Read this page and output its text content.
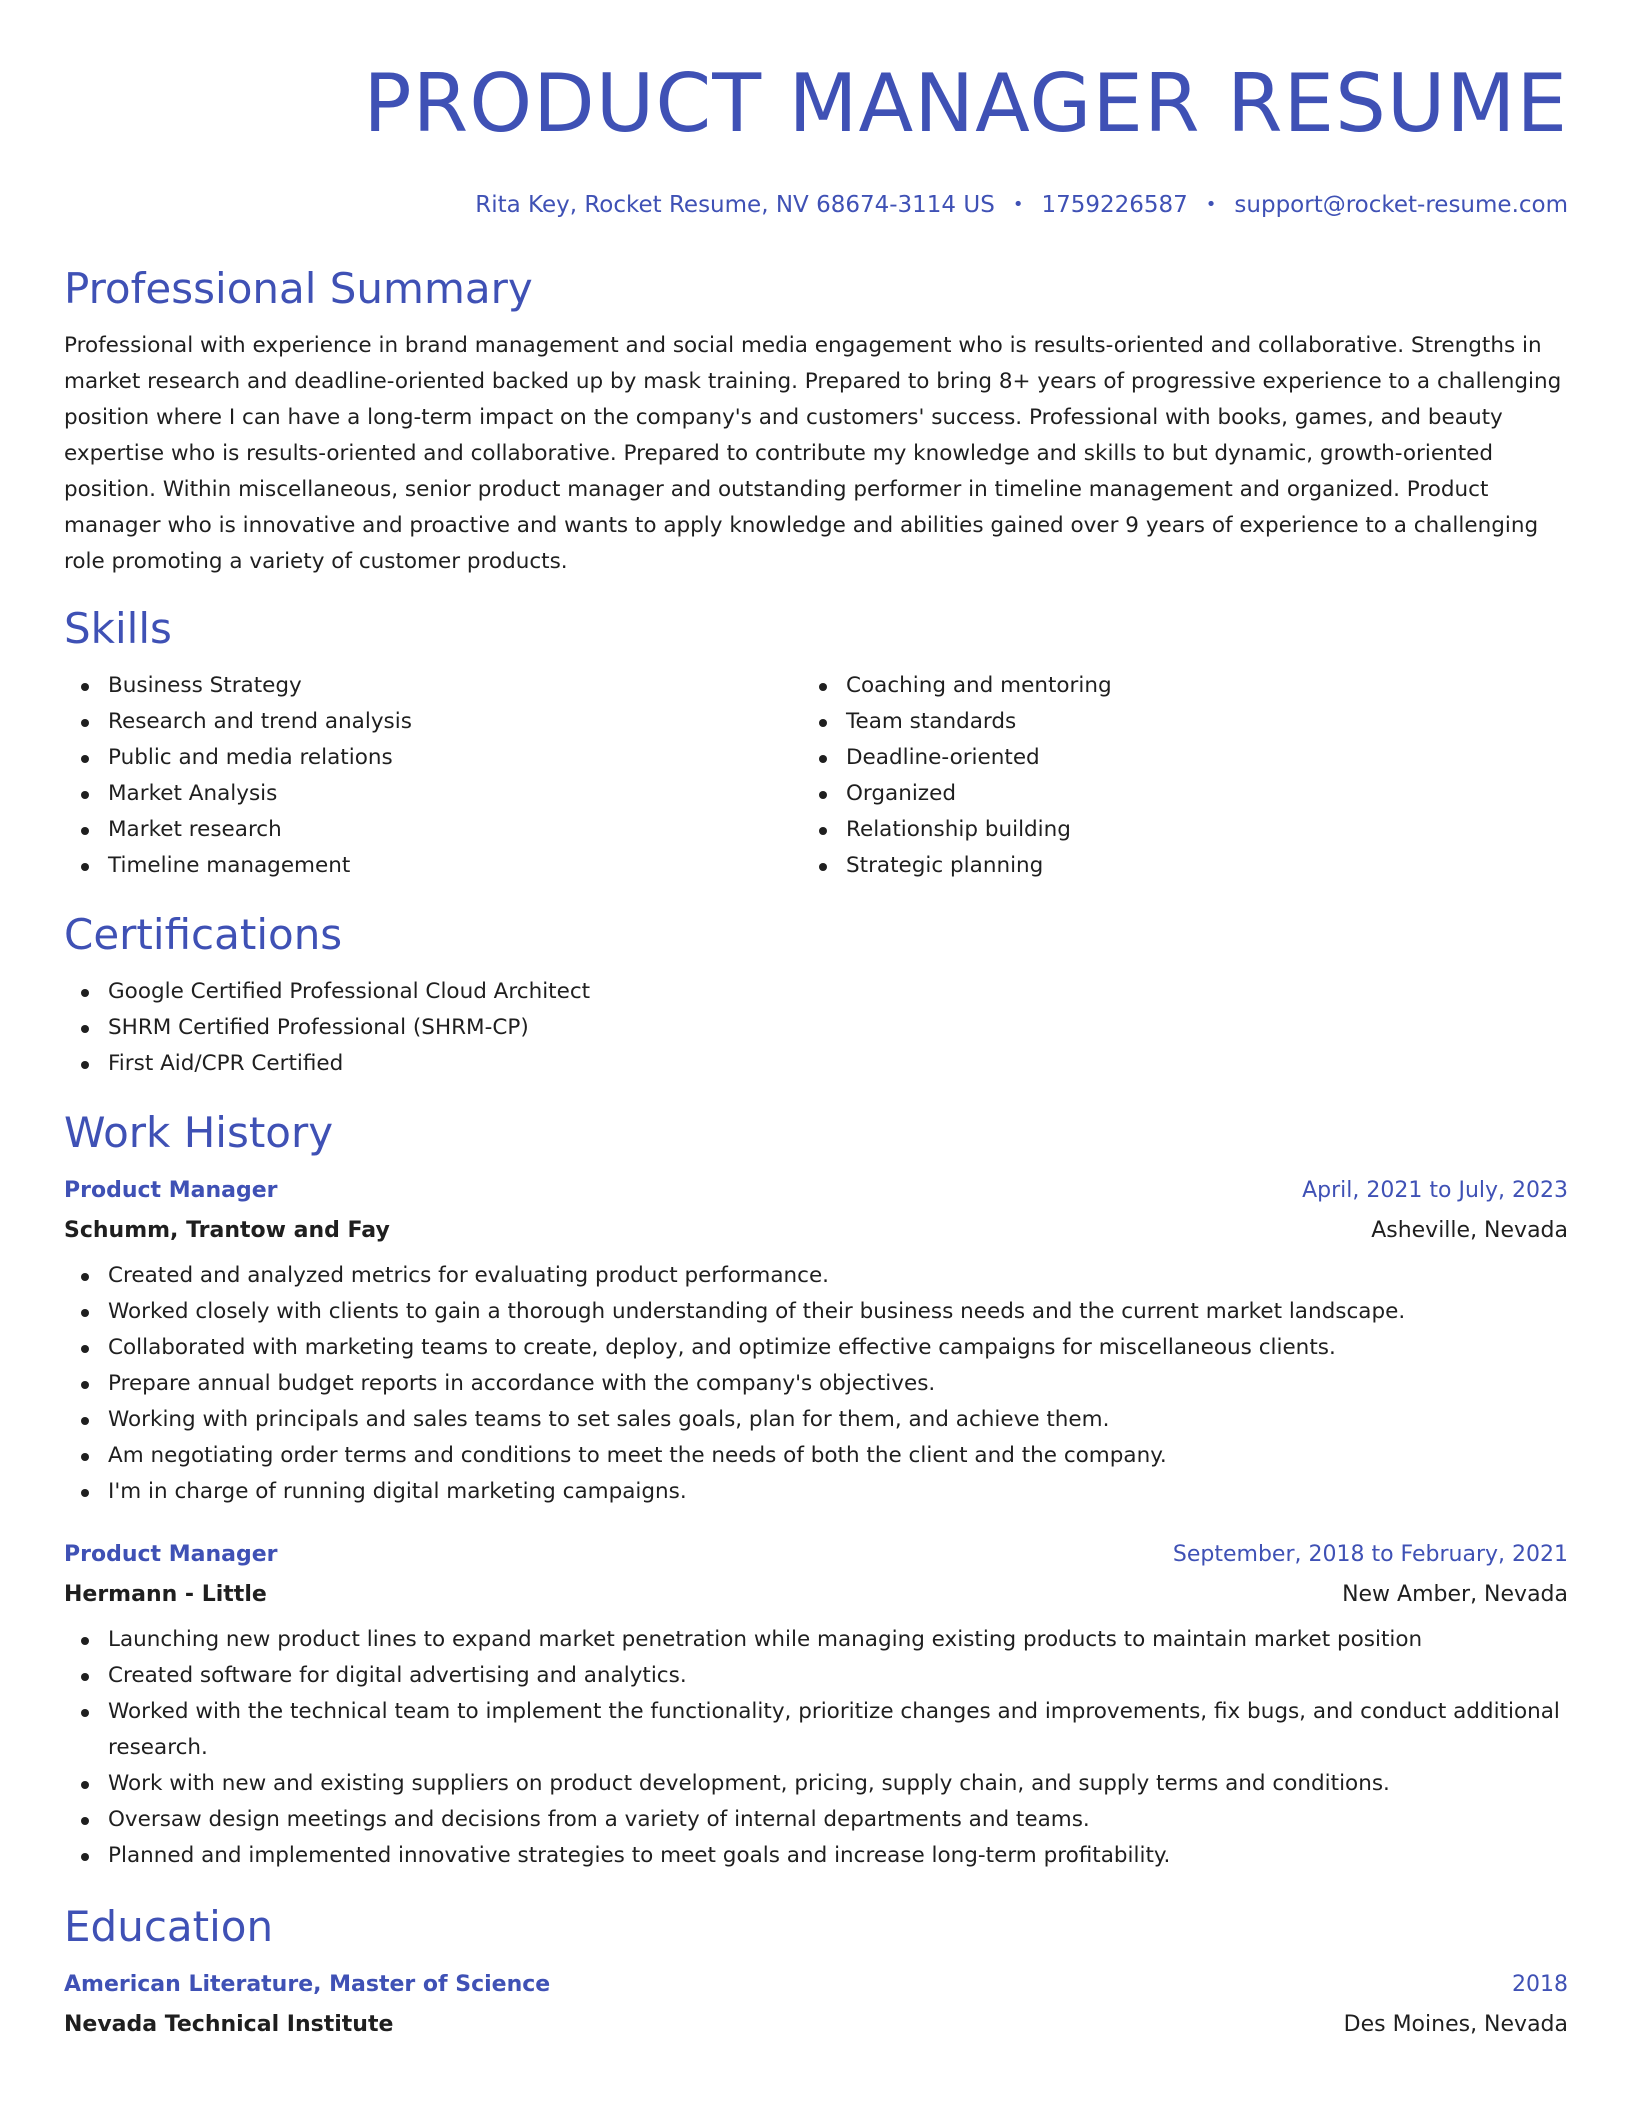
PRODUCT MANAGER RESUME
Rita Key, Rocket Resume, NV 68674-3114 US • 1759226587 • support@rocket-resume.com
Professional Summary

Professional with experience in brand management and social media engagement who is results-oriented and collaborative. Strengths in market research and deadline-oriented backed up by mask training. Prepared to bring 8+ years of progressive experience to a challenging position where I can have a long-term impact on the company's and customers' success. Professional with books, games, and beauty expertise who is results-oriented and collaborative. Prepared to contribute my knowledge and skills to but dynamic, growth-oriented position. Within miscellaneous, senior product manager and outstanding performer in timeline management and organized. Product manager who is innovative and proactive and wants to apply knowledge and abilities gained over 9 years of experience to a challenging role promoting a variety of customer products.

Skills
Business Strategy
Research and trend analysis
Public and media relations
Market Analysis
Market research
Timeline management
Coaching and mentoring
Team standards
Deadline-oriented
Organized
Relationship building
Strategic planning
Certifications
Google Certified Professional Cloud Architect
SHRM Certified Professional (SHRM-CP)
First Aid/CPR Certified
Work History
Product Manager	April, 2021 to July, 2023
Schumm, Trantow and Fay	Asheville, Nevada
Created and analyzed metrics for evaluating product performance.
Worked closely with clients to gain a thorough understanding of their business needs and the current market landscape.
Collaborated with marketing teams to create, deploy, and optimize effective campaigns for miscellaneous clients.
Prepare annual budget reports in accordance with the company's objectives.
Working with principals and sales teams to set sales goals, plan for them, and achieve them.
Am negotiating order terms and conditions to meet the needs of both the client and the company.
I'm in charge of running digital marketing campaigns.
Product Manager	September, 2018 to February, 2021
Hermann - Little	New Amber, Nevada
Launching new product lines to expand market penetration while managing existing products to maintain market position
Created software for digital advertising and analytics.
Worked with the technical team to implement the functionality, prioritize changes and improvements, fix bugs, and conduct additional research.
Work with new and existing suppliers on product development, pricing, supply chain, and supply terms and conditions.
Oversaw design meetings and decisions from a variety of internal departments and teams.
Planned and implemented innovative strategies to meet goals and increase long-term profitability.
Education
American Literature, Master of Science	2018
Nevada Technical Institute	Des Moines, Nevada
